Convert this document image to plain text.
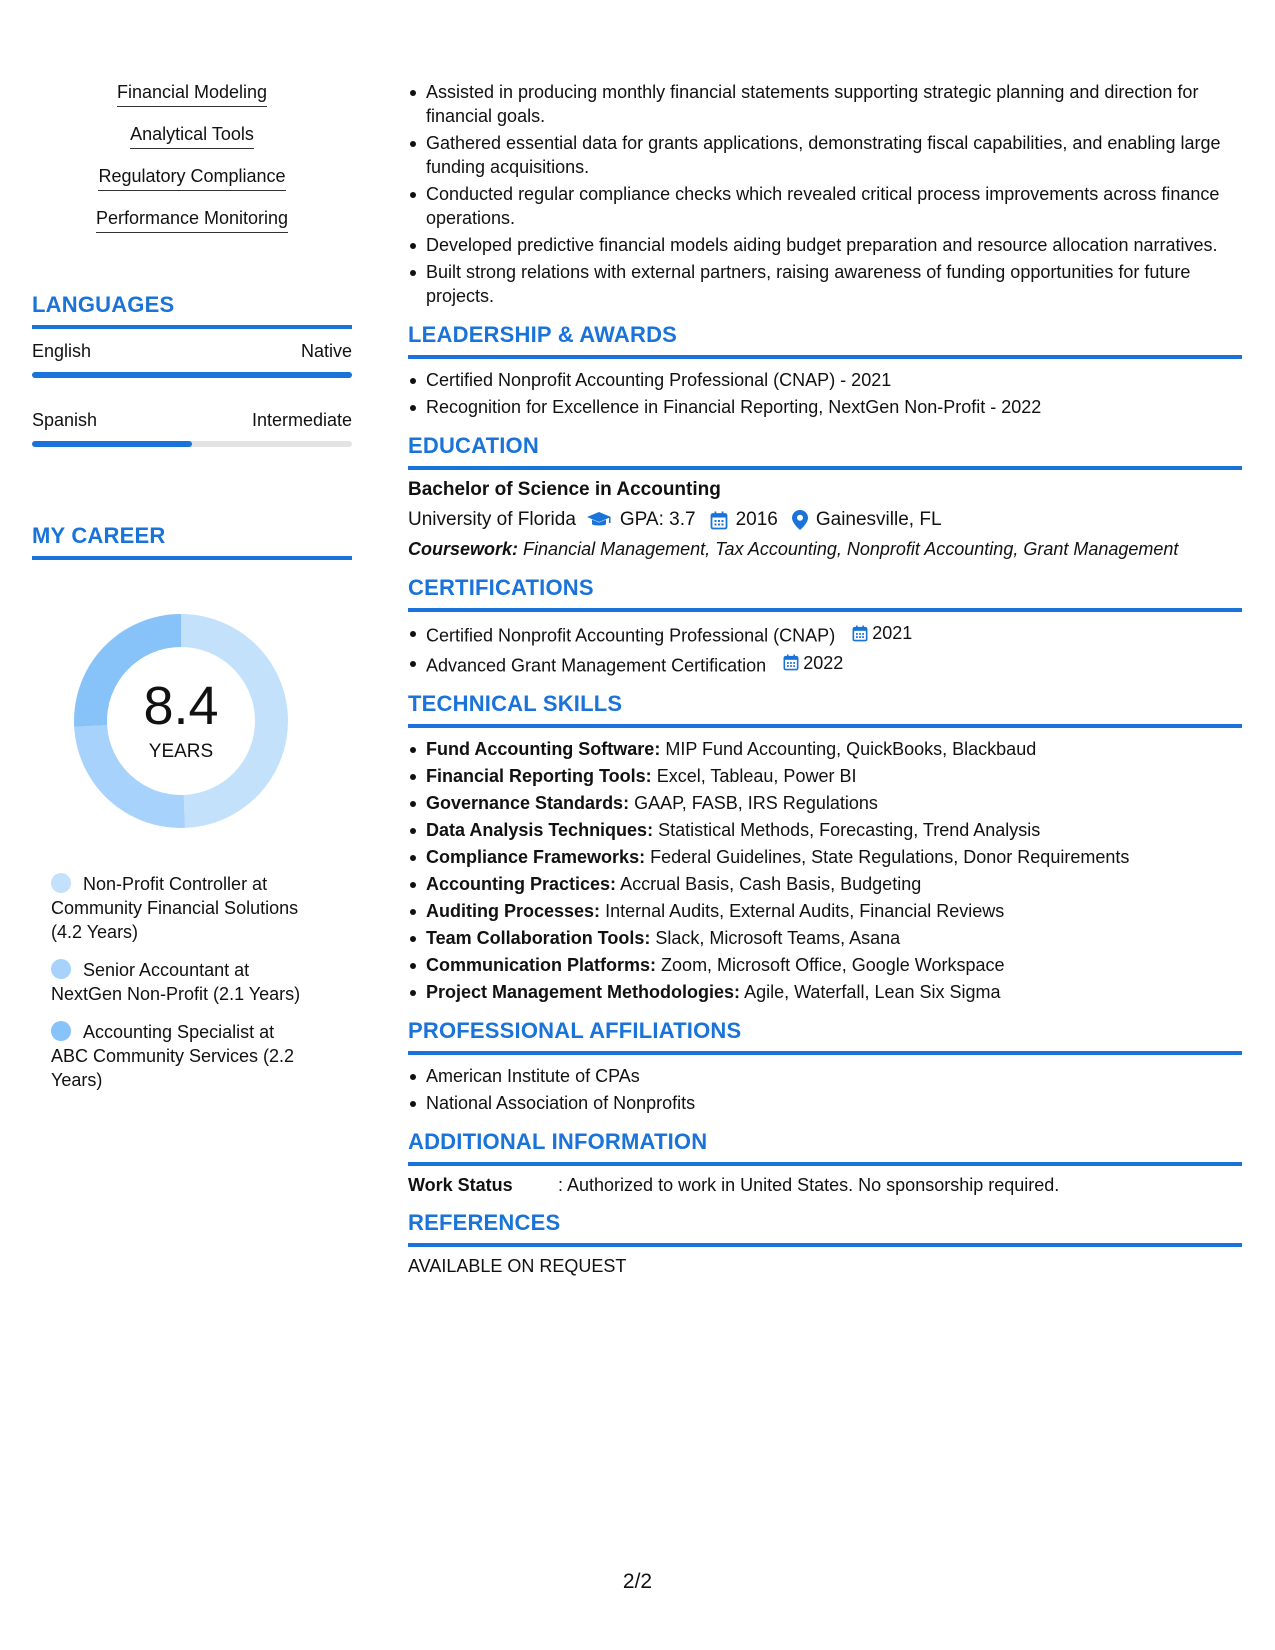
Financial Modeling
Analytical Tools
Regulatory Compliance
Performance Monitoring
LANGUAGES
English	Native
Spanish	Intermediate
MY CAREER
8.4
YEARS
Non-Profit Controller at Community Financial Solutions (4.2 Years)
Senior Accountant at NextGen Non-Profit (2.1 Years)
Accounting Specialist at ABC Community Services (2.2 Years)
Assisted in producing monthly financial statements supporting strategic planning and direction for financial goals.
Gathered essential data for grants applications, demonstrating fiscal capabilities, and enabling large funding acquisitions.
Conducted regular compliance checks which revealed critical process improvements across finance operations.
Developed predictive financial models aiding budget preparation and resource allocation narratives.
Built strong relations with external partners, raising awareness of funding opportunities for future projects.
LEADERSHIP & AWARDS
Certified Nonprofit Accounting Professional (CNAP) - 2021
Recognition for Excellence in Financial Reporting, NextGen Non-Profit - 2022
EDUCATION
Bachelor of Science in Accounting
University of Florida GPA: 3.7 2016 Gainesville, FL
Coursework: Financial Management, Tax Accounting, Nonprofit Accounting, Grant Management
CERTIFICATIONS
Certified Nonprofit Accounting Professional (CNAP) 2021
Advanced Grant Management Certification 2022
TECHNICAL SKILLS
Fund Accounting Software: MIP Fund Accounting, QuickBooks, Blackbaud
Financial Reporting Tools: Excel, Tableau, Power BI
Governance Standards: GAAP, FASB, IRS Regulations
Data Analysis Techniques: Statistical Methods, Forecasting, Trend Analysis
Compliance Frameworks: Federal Guidelines, State Regulations, Donor Requirements
Accounting Practices: Accrual Basis, Cash Basis, Budgeting
Auditing Processes: Internal Audits, External Audits, Financial Reviews
Team Collaboration Tools: Slack, Microsoft Teams, Asana
Communication Platforms: Zoom, Microsoft Office, Google Workspace
Project Management Methodologies: Agile, Waterfall, Lean Six Sigma
PROFESSIONAL AFFILIATIONS
American Institute of CPAs
National Association of Nonprofits
ADDITIONAL INFORMATION
Work Status	: Authorized to work in United States. No sponsorship required.
REFERENCES
AVAILABLE ON REQUEST
2/2
